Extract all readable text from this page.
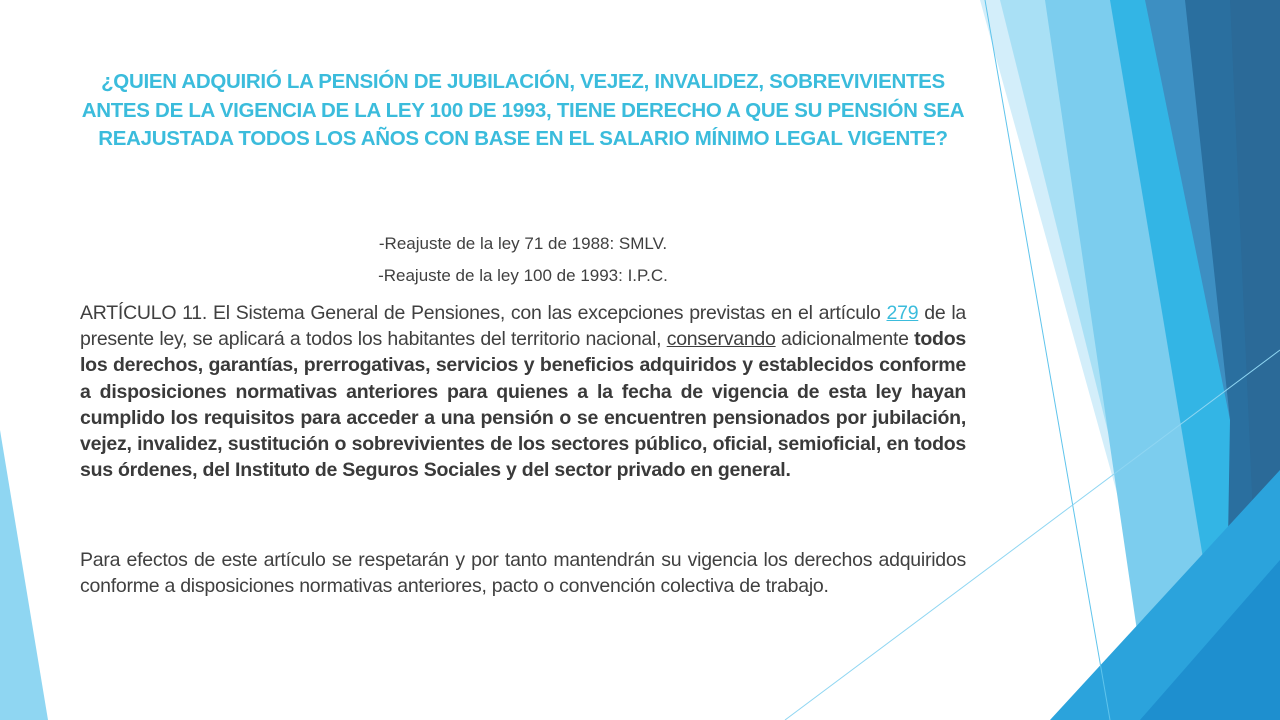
¿QUIEN ADQUIRIÓ LA PENSIÓN DE JUBILACIÓN, VEJEZ, INVALIDEZ, SOBREVIVIENTES ANTES DE LA VIGENCIA DE LA LEY 100 DE 1993, TIENE DERECHO A QUE SU PENSIÓN SEA REAJUSTADA TODOS LOS AÑOS CON BASE EN EL SALARIO MÍNIMO LEGAL VIGENTE?
-Reajuste de la ley 71 de 1988: SMLV.
-Reajuste de la ley 100 de 1993: I.P.C.
ARTÍCULO 11. El Sistema General de Pensiones, con las excepciones previstas en el artículo 279 de la presente ley, se aplicará a todos los habitantes del territorio nacional, conservando adicionalmente todos los derechos, garantías, prerrogativas, servicios y beneficios adquiridos y establecidos conforme a disposiciones normativas anteriores para quienes a la fecha de vigencia de esta ley hayan cumplido los requisitos para acceder a una pensión o se encuentren pensionados por jubilación, vejez, invalidez, sustitución o sobrevivientes de los sectores público, oficial, semioficial, en todos sus órdenes, del Instituto de Seguros Sociales y del sector privado en general.
Para efectos de este artículo se respetarán y por tanto mantendrán su vigencia los derechos adquiridos conforme a disposiciones normativas anteriores, pacto o convención colectiva de trabajo.
